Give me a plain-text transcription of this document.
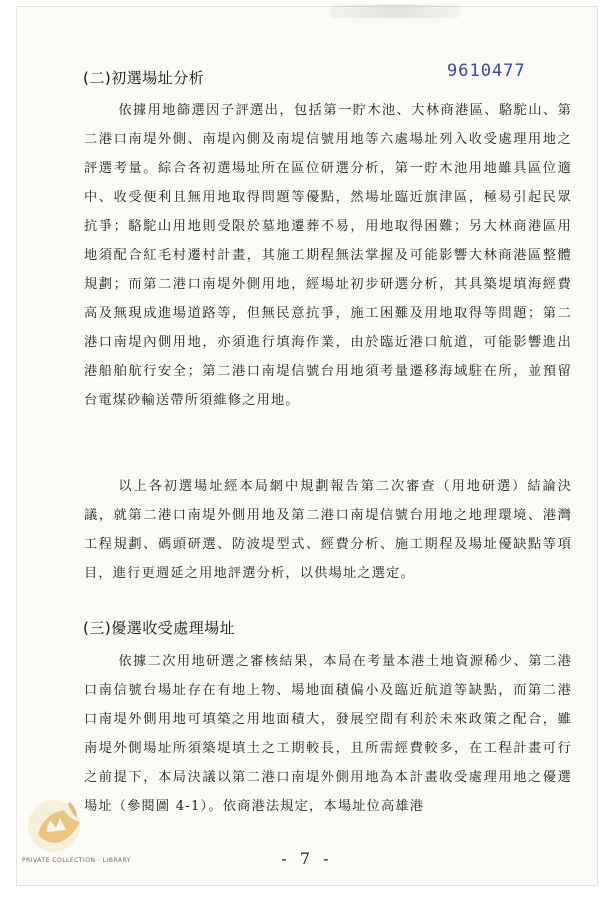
9610477
(二)初選場址分析

依據用地篩選因子評選出，包括第一貯木池、大林商港區、駱駝山、第二港口南堤外側、南堤內側及南堤信號用地等六處場址列入收受處理用地之評選考量。綜合各初選場址所在區位研選分析，第一貯木池用地雖具區位適中、收受便利且無用地取得問題等優點，然場址臨近旗津區，極易引起民眾抗爭；駱駝山用地則受限於墓地遷葬不易，用地取得困難；另大林商港區用地須配合紅毛村遷村計畫，其施工期程無法掌握及可能影響大林商港區整體規劃；而第二港口南堤外側用地，經場址初步研選分析，其具築堤填海經費高及無現成進場道路等，但無民意抗爭，施工困難及用地取得等問題；第二港口南堤內側用地，亦須進行填海作業，由於臨近港口航道，可能影響進出港船舶航行安全；第二港口南堤信號台用地須考量遷移海域駐在所，並預留台電煤砂輸送帶所須維修之用地。

以上各初選場址經本局網中規劃報告第二次審查（用地研選）結論決議，就第二港口南堤外側用地及第二港口南堤信號台用地之地理環境、港灣工程規劃、碼頭研選、防波堤型式、經費分析、施工期程及場址優缺點等項目，進行更週延之用地評選分析，以供場址之選定。

(三)優選收受處理場址

依據二次用地研選之審核結果，本局在考量本港土地資源稀少、第二港口南信號台場址存在有地上物、場地面積偏小及臨近航道等缺點，而第二港口南堤外側用地可填築之用地面積大，發展空間有利於未來政策之配合，雖南堤外側場址所須築堤填土之工期較長，且所需經費較多，在工程計畫可行之前提下，本局決議以第二港口南堤外側用地為本計畫收受處理用地之優選場址（參閱圖 4-1）。依商港法規定，本場址位高雄港

- 7 -
PRIVATE COLLECTION · LIBRARY
